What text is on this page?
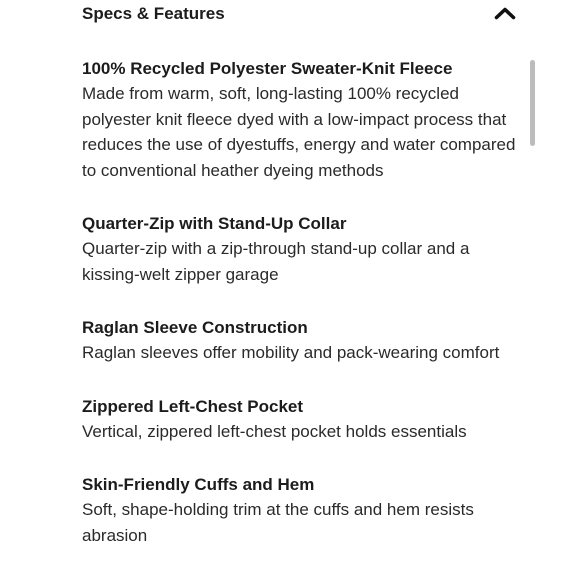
Specs & Features
100% Recycled Polyester Sweater-Knit Fleece
Made from warm, soft, long-lasting 100% recycled polyester knit fleece dyed with a low-impact process that reduces the use of dyestuffs, energy and water compared to conventional heather dyeing methods
Quarter-Zip with Stand-Up Collar
Quarter-zip with a zip-through stand-up collar and a kissing-welt zipper garage
Raglan Sleeve Construction
Raglan sleeves offer mobility and pack-wearing comfort
Zippered Left-Chest Pocket
Vertical, zippered left-chest pocket holds essentials
Skin-Friendly Cuffs and Hem
Soft, shape-holding trim at the cuffs and hem resists abrasion
